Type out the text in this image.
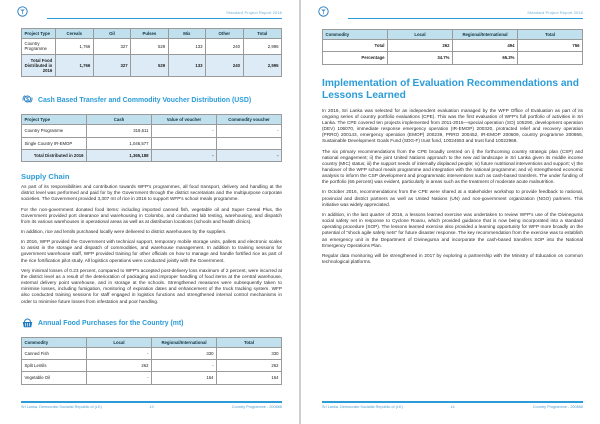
Standard Project Report 2016
Project Type	Cereals	Oil	Pulses	Mix	Other	Total
Country Programme	1,766	327	529	133	240	2,995
Total Food Distributed in 2016	1,766	327	529	133	240	2,995
$ Cash Based Transfer and Commodity Voucher Distribution (USD)
Project Type	Cash	Value of voucher	Commodity voucher
Country Programme	318,611	-	-
Single Country IR-EMOP	1,046,577		
Total Distributed in 2016	1,365,188	-	-
Supply Chain

As part of its responsibilities and contribution towards WFP's programmes, all food transport, delivery and handling at the district level was performed and paid for by the Government through the district secretariats and the multipurpose corporate societies. The Government provided 3,307 mt of rice in 2016 to support WFP's school meals programme.

For the non-government donated food items: including imported canned fish, vegetable oil and Super Cereal Plus, the Government provided port clearance and warehousing in Colombo, and conducted lab testing, warehousing, and dispatch from its various warehouses in operational areas as well as at distribution locations (schools and health clinics).

In addition, rice and lentils purchased locally were delivered to district warehouses by the suppliers.

In 2016, WFP provided the Government with technical support, temporary mobile storage units, pallets and electronic scales to assist in the storage and dispatch of commodities, and warehouse management. In addition to training sessions for government warehouse staff, WFP provided training for other officials on how to manage and handle fortified rice as part of the rice fortification pilot study. All logistics operations were conducted jointly with the Government.

Very minimal losses of 0.23 percent, compared to WFP's accepted post-delivery loss maximum of 2 percent, were incurred at the district level as a result of the deterioration of packaging and improper handling of food items at the central warehouse, external delivery point warehouse, and in storage at the schools. Strengthened measures were subsequently taken to minimise losses, including fumigation, monitoring of expiration dates and enhancement of the truck tracking system. WFP also conducted training sessions for staff engaged in logistics functions and strengthened internal control mechanisms in order to minimise future losses from infestation and poor handling.

Annual Food Purchases for the Country (mt)
Commodity	Local	Regional/International	Total
Canned Fish	-	330	330
Split Lentils	262	-	262
Vegetable Oil	-	164	164
13
Sri Lanka, Democratic Socialist Republic of (LK)	Country Programme - 200866
Standard Project Report 2016
Commodity	Local	Regional/International	Total
Total	262	494	756
Percentage	34.7%	65.3%	
Implementation of Evaluation Recommendations and Lessons Learned

In 2016, Sri Lanka was selected for an independent evaluation managed by the WFP Office of Evaluation as part of its ongoing series of country portfolio evaluations (CPE). This was the first evaluation of WFP's full portfolio of activities in Sri Lanka. The CPE covered ten projects implemented from 2011-2015—special operation (SO) 105290, development operation (DEV) 106070, immediate response emergency operation (IR-EMOP) 200320, protracted relief and recovery operation (PRRO) 200143, emergency operation (EMOP) 200239, PRRO 200452, IR-EMOP 200609, country programme 200866, Sustainable Development Goals Fund (SDG-F) trust fund, 10024553 and trust fund 10022968.

The six primary recommendations from the CPE broadly centred on i) the forthcoming country strategic plan (CSP) and national engagement; ii) the joint United Nations approach to the new aid landscape in Sri Lanka given its middle income country (MIC) status; iii) the support needs of internally displaced people; iv) future nutritional interventions and support; v) the handover of the WFP school meals programme and integration with the national programme; and vi) strengthened economic analysis to inform the CSP development and programmatic interventions such as cash-based transfers. The under funding of the portfolio (66 percent) was evident, particularly in areas such as the treatment of moderate acute malnutrition.

In October 2016, recommendations from the CPE were shared at a stakeholder workshop to provide feedback to national, provincial and district partners as well as United Nations (UN) and non-government organization (NGO) partners. This initiative was widely appreciated.

In addition, in the last quarter of 2016, a lessons learned exercise was undertaken to review WFP's use of the Divineguma social safety net in response to Cyclone Roanu, which provided guidance that is now being incorporated into a standard operating procedure (SOP). The lessons learned exercise also provided a learning opportunity for WFP more broadly on the potential of "shock agile safety nets" for future disaster response. The key recommendation from the exercise was to establish an emergency unit in the Department of Divineguma and incorporate the cash-based transfers SOP into the National Emergency Operations Plan.

Regular data monitoring will be strengthened in 2017 by exploring a partnership with the Ministry of Education on common technological platforms.

14
Sri Lanka, Democratic Socialist Republic of (LK)	Country Programme - 200866
